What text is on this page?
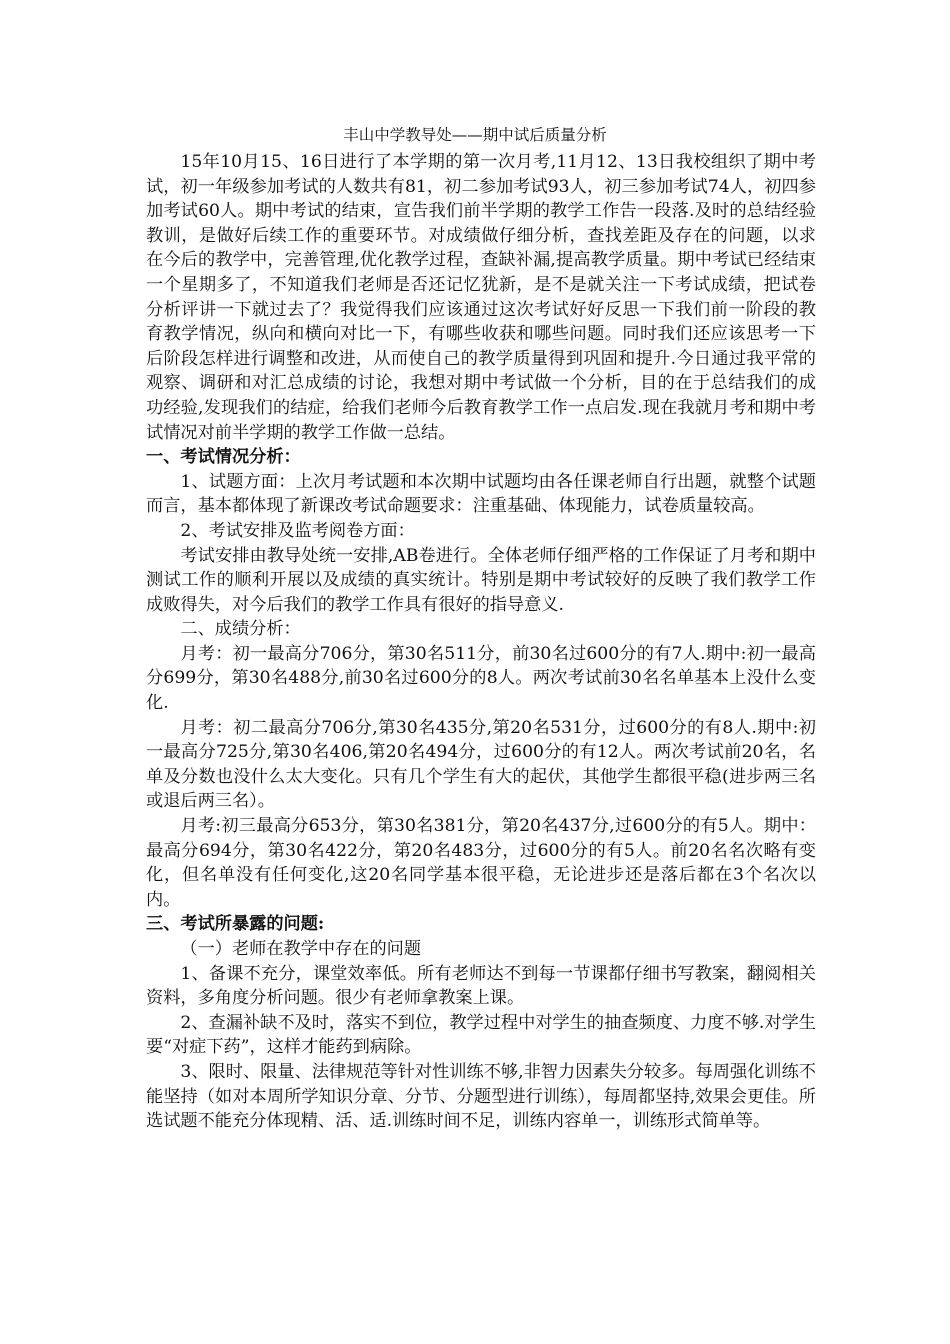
丰山中学教导处——期中试后质量分析

15年10月15、16日进行了本学期的第一次月考,11月12、13日我校组织了期中考试，初一年级参加考试的人数共有81，初二参加考试93人，初三参加考试74人，初四参加考试60人。期中考试的结束，宣告我们前半学期的教学工作告一段落.及时的总结经验教训，是做好后续工作的重要环节。对成绩做仔细分析，查找差距及存在的问题，以求在今后的教学中，完善管理,优化教学过程，查缺补漏,提高教学质量。期中考试已经结束一个星期多了，不知道我们老师是否还记忆犹新，是不是就关注一下考试成绩，把试卷分析评讲一下就过去了？我觉得我们应该通过这次考试好好反思一下我们前一阶段的教育教学情况，纵向和横向对比一下，有哪些收获和哪些问题。同时我们还应该思考一下后阶段怎样进行调整和改进，从而使自己的教学质量得到巩固和提升.今日通过我平常的观察、调研和对汇总成绩的讨论，我想对期中考试做一个分析，目的在于总结我们的成功经验,发现我们的结症，给我们老师今后教育教学工作一点启发.现在我就月考和期中考试情况对前半学期的教学工作做一总结。

一、考试情况分析：

1、试题方面：上次月考试题和本次期中试题均由各任课老师自行出题，就整个试题而言，基本都体现了新课改考试命题要求：注重基础、体现能力，试卷质量较高。

2、考试安排及监考阅卷方面：

考试安排由教导处统一安排,AB卷进行。全体老师仔细严格的工作保证了月考和期中测试工作的顺利开展以及成绩的真实统计。特别是期中考试较好的反映了我们教学工作成败得失，对今后我们的教学工作具有很好的指导意义.

二、成绩分析：

月考：初一最高分706分，第30名511分，前30名过600分的有7人.期中:初一最高分699分，第30名488分,前30名过600分的8人。两次考试前30名名单基本上没什么变化.

月考：初二最高分706分,第30名435分,第20名531分，过600分的有8人.期中:初一最高分725分,第30名406,第20名494分，过600分的有12人。两次考试前20名，名单及分数也没什么太大变化。只有几个学生有大的起伏，其他学生都很平稳(进步两三名或退后两三名）。

月考:初三最高分653分，第30名381分，第20名437分,过600分的有5人。期中：最高分694分，第30名422分，第20名483分，过600分的有5人。前20名名次略有变化，但名单没有任何变化,这20名同学基本很平稳，无论进步还是落后都在3个名次以内。

三、考试所暴露的问题:

（一）老师在教学中存在的问题

1、备课不充分，课堂效率低。所有老师达不到每一节课都仔细书写教案，翻阅相关资料，多角度分析问题。很少有老师拿教案上课。

2、查漏补缺不及时，落实不到位，教学过程中对学生的抽查频度、力度不够.对学生要“对症下药”，这样才能药到病除。

3、限时、限量、法律规范等针对性训练不够,非智力因素失分较多。每周强化训练不能坚持（如对本周所学知识分章、分节、分题型进行训练），每周都坚持,效果会更佳。所选试题不能充分体现精、活、适.训练时间不足，训练内容单一，训练形式简单等。
